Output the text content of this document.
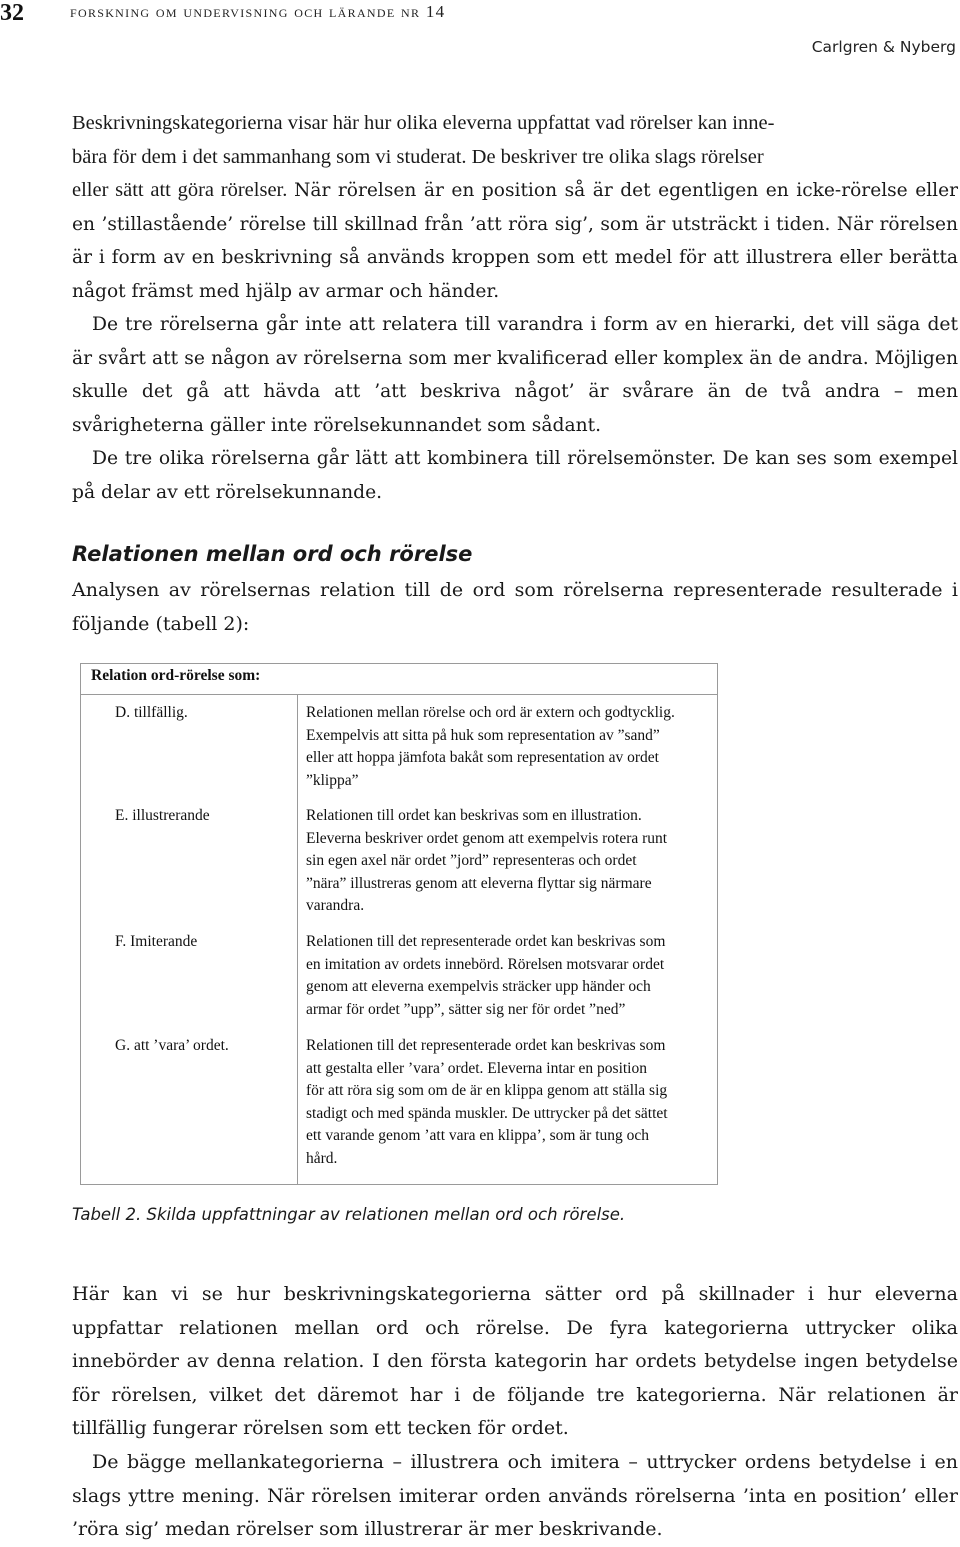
32	forskning om undervisning och lärande nr 14
Carlgren & Nyberg

Beskrivningskategorierna visar här hur olika eleverna uppfattat vad rörelser kan inne-
bära för dem i det sammanhang som vi studerat. De beskriver tre olika slags rörelser
eller sätt att göra rörelser. När rörelsen är en position så är det egentligen en icke-rörelse eller en ’stillastående’ rörelse till skillnad från ’att röra sig’, som är utsträckt i tiden. När rörelsen är i form av en beskrivning så används kroppen som ett medel för att illustrera eller berätta något främst med hjälp av armar och händer.

De tre rörelserna går inte att relatera till varandra i form av en hierarki, det vill säga det är svårt att se någon av rörelserna som mer kvalificerad eller komplex än de andra. Möjligen skulle det gå att hävda att ’att beskriva något’ är svårare än de två andra – men svårigheterna gäller inte rörelsekunnandet som sådant.

De tre olika rörelserna går lätt att kombinera till rörelsemönster. De kan ses som exempel på delar av ett rörelsekunnande.

Relationen mellan ord och rörelse

Analysen av rörelsernas relation till de ord som rörelserna representerade resulterade i följande (tabell 2):

Relation ord-rörelse som:
D. tillfällig.	Relationen mellan rörelse och ord är extern och godtycklig.
Exempelvis att sitta på huk som representation av ”sand”
eller att hoppa jämfota bakåt som representation av ordet
”klippa”
E. illustrerande	Relationen till ordet kan beskrivas som en illustration.
Eleverna beskriver ordet genom att exempelvis rotera runt
sin egen axel när ordet ”jord” representeras och ordet
”nära” illustreras genom att eleverna flyttar sig närmare
varandra.
F. Imiterande	Relationen till det representerade ordet kan beskrivas som
en imitation av ordets innebörd. Rörelsen motsvarar ordet
genom att eleverna exempelvis sträcker upp händer och
armar för ordet ”upp”, sätter sig ner för ordet ”ned”
G. att ’vara’ ordet.	Relationen till det representerade ordet kan beskrivas som
att gestalta eller ’vara’ ordet. Eleverna intar en position
för att röra sig som om de är en klippa genom att ställa sig
stadigt och med spända muskler. De uttrycker på det sättet
ett varande genom ’att vara en klippa’, som är tung och
hård.
Tabell 2. Skilda uppfattningar av relationen mellan ord och rörelse.

Här kan vi se hur beskrivningskategorierna sätter ord på skillnader i hur eleverna uppfattar relationen mellan ord och rörelse. De fyra kategorierna uttrycker olika innebörder av denna relation. I den första kategorin har ordets betydelse ingen betydelse för rörelsen, vilket det däremot har i de följande tre kategorierna. När relationen är tillfällig fungerar rörelsen som ett tecken för ordet.

De bägge mellankategorierna – illustrera och imitera – uttrycker ordens betydelse i en slags yttre mening. När rörelsen imiterar orden används rörelserna ’inta en position’ eller ’röra sig’ medan rörelser som illustrerar är mer beskrivande.
